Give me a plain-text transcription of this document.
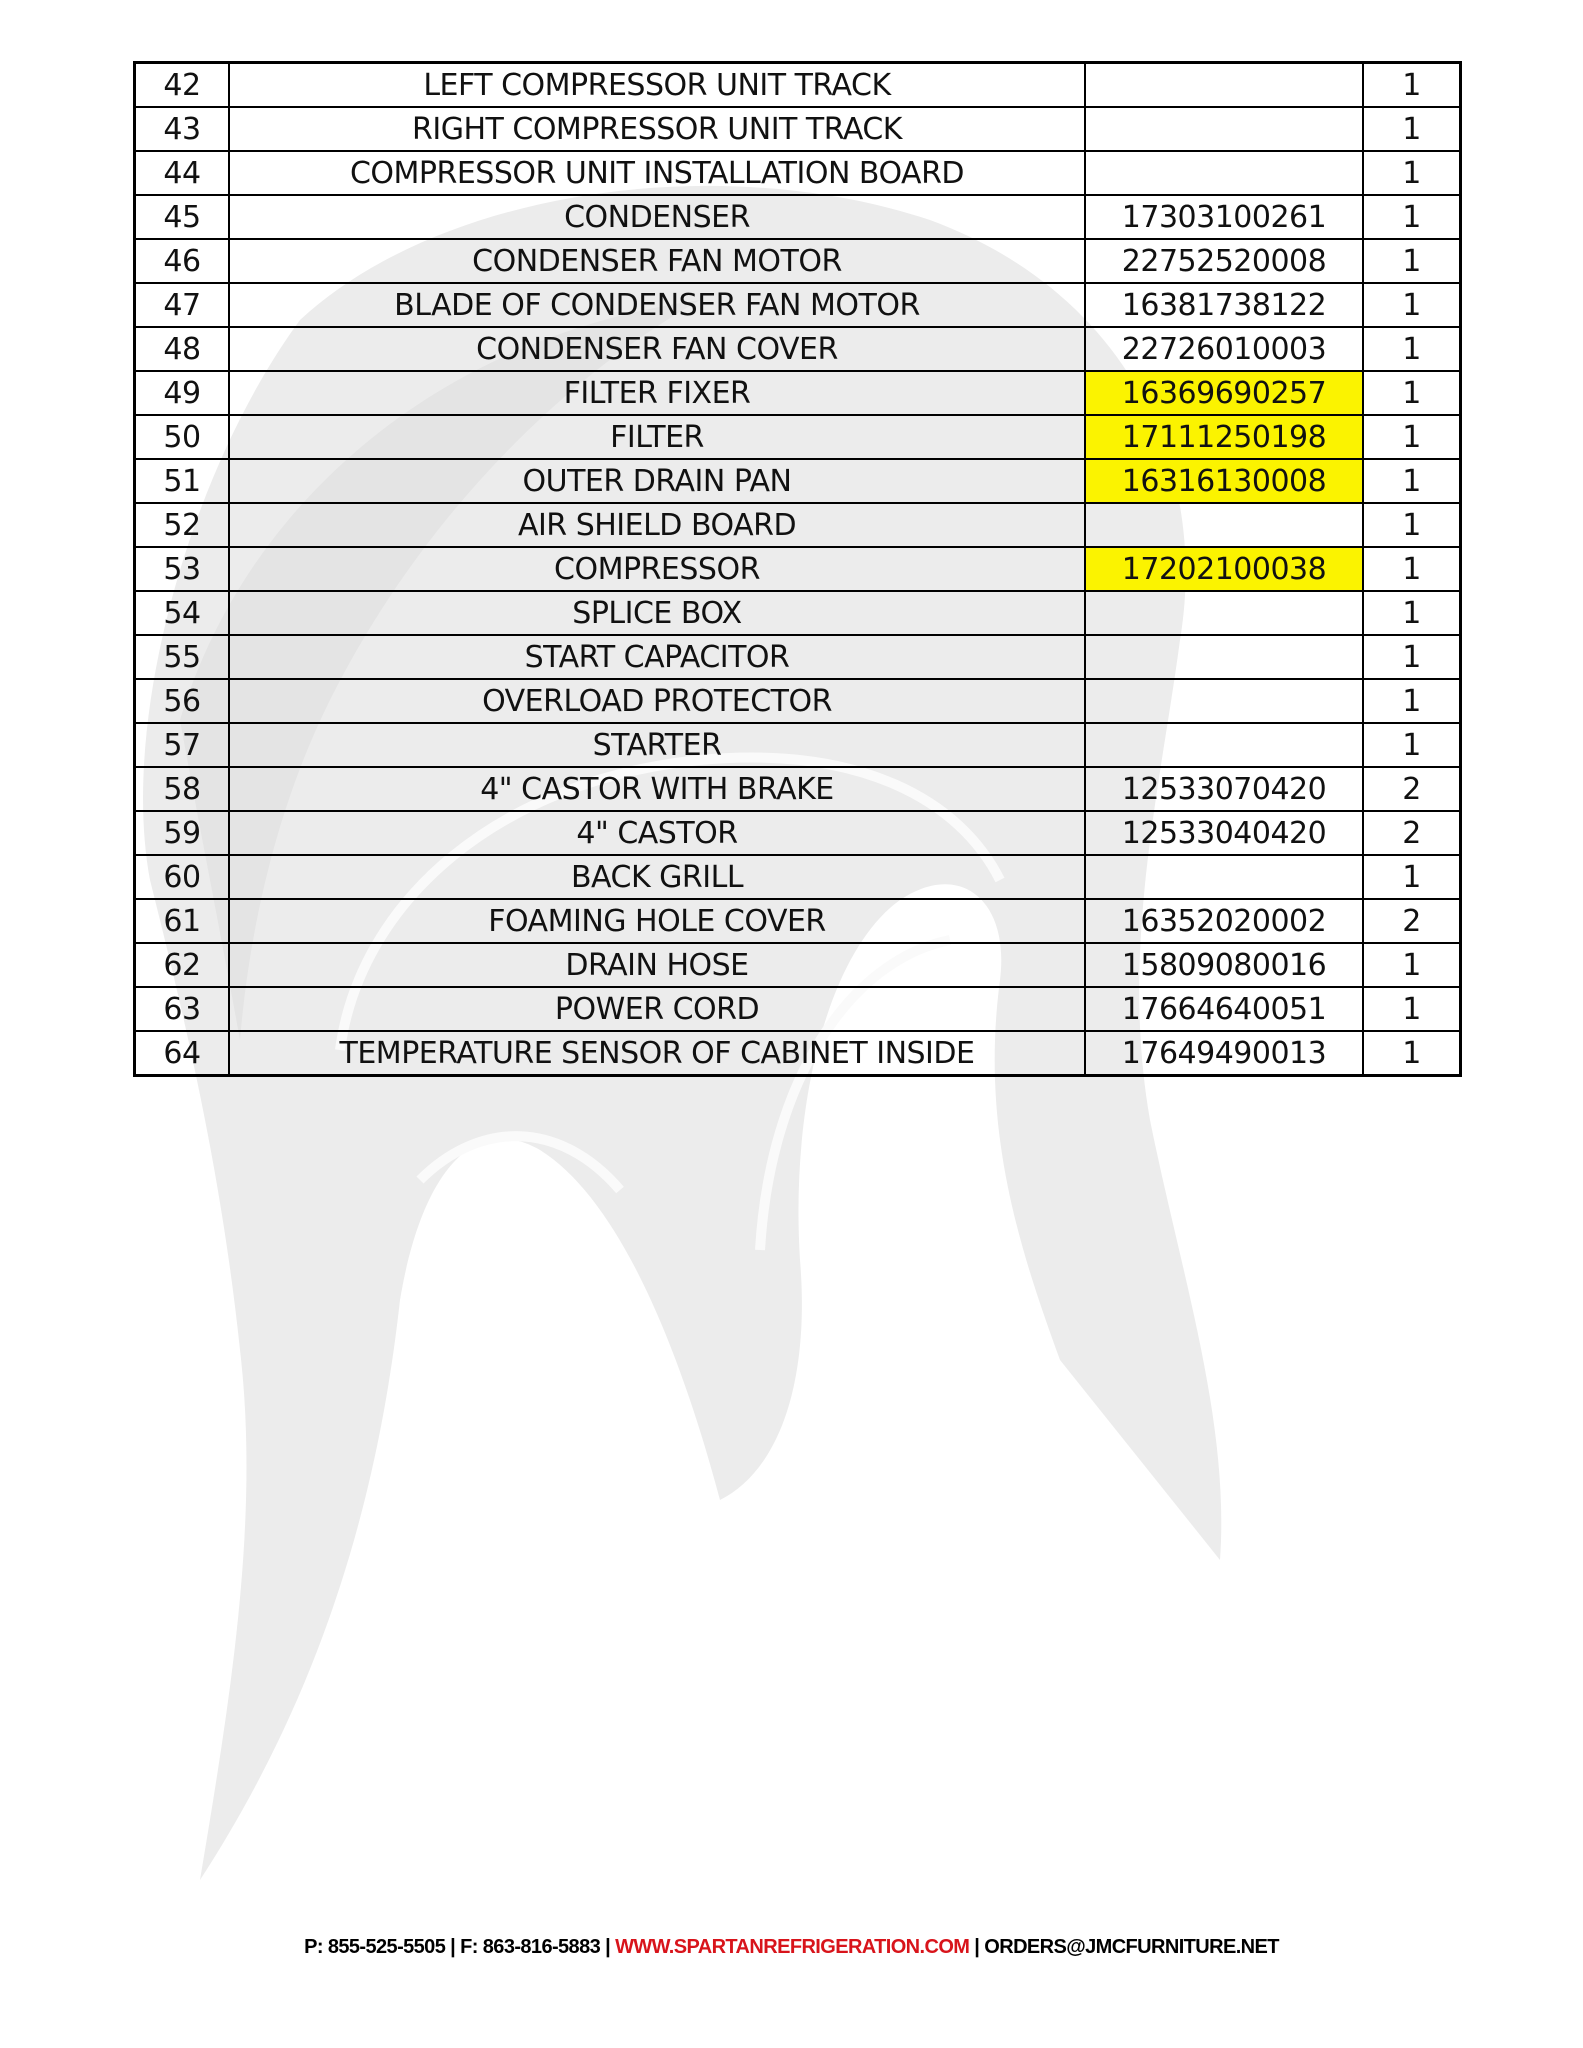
42	LEFT COMPRESSOR UNIT TRACK		1
43	RIGHT COMPRESSOR UNIT TRACK		1
44	COMPRESSOR UNIT INSTALLATION BOARD		1
45	CONDENSER	17303100261	1
46	CONDENSER FAN MOTOR	22752520008	1
47	BLADE OF CONDENSER FAN MOTOR	16381738122	1
48	CONDENSER FAN COVER	22726010003	1
49	FILTER FIXER	16369690257	1
50	FILTER	17111250198	1
51	OUTER DRAIN PAN	16316130008	1
52	AIR SHIELD BOARD		1
53	COMPRESSOR	17202100038	1
54	SPLICE BOX		1
55	START CAPACITOR		1
56	OVERLOAD PROTECTOR		1
57	STARTER		1
58	4" CASTOR WITH BRAKE	12533070420	2
59	4" CASTOR	12533040420	2
60	BACK GRILL		1
61	FOAMING HOLE COVER	16352020002	2
62	DRAIN HOSE	15809080016	1
63	POWER CORD	17664640051	1
64	TEMPERATURE SENSOR OF CABINET INSIDE	17649490013	1
P: 855-525-5505 | F: 863-816-5883 | WWW.SPARTANREFRIGERATION.COM | ORDERS@JMCFURNITURE.NET
